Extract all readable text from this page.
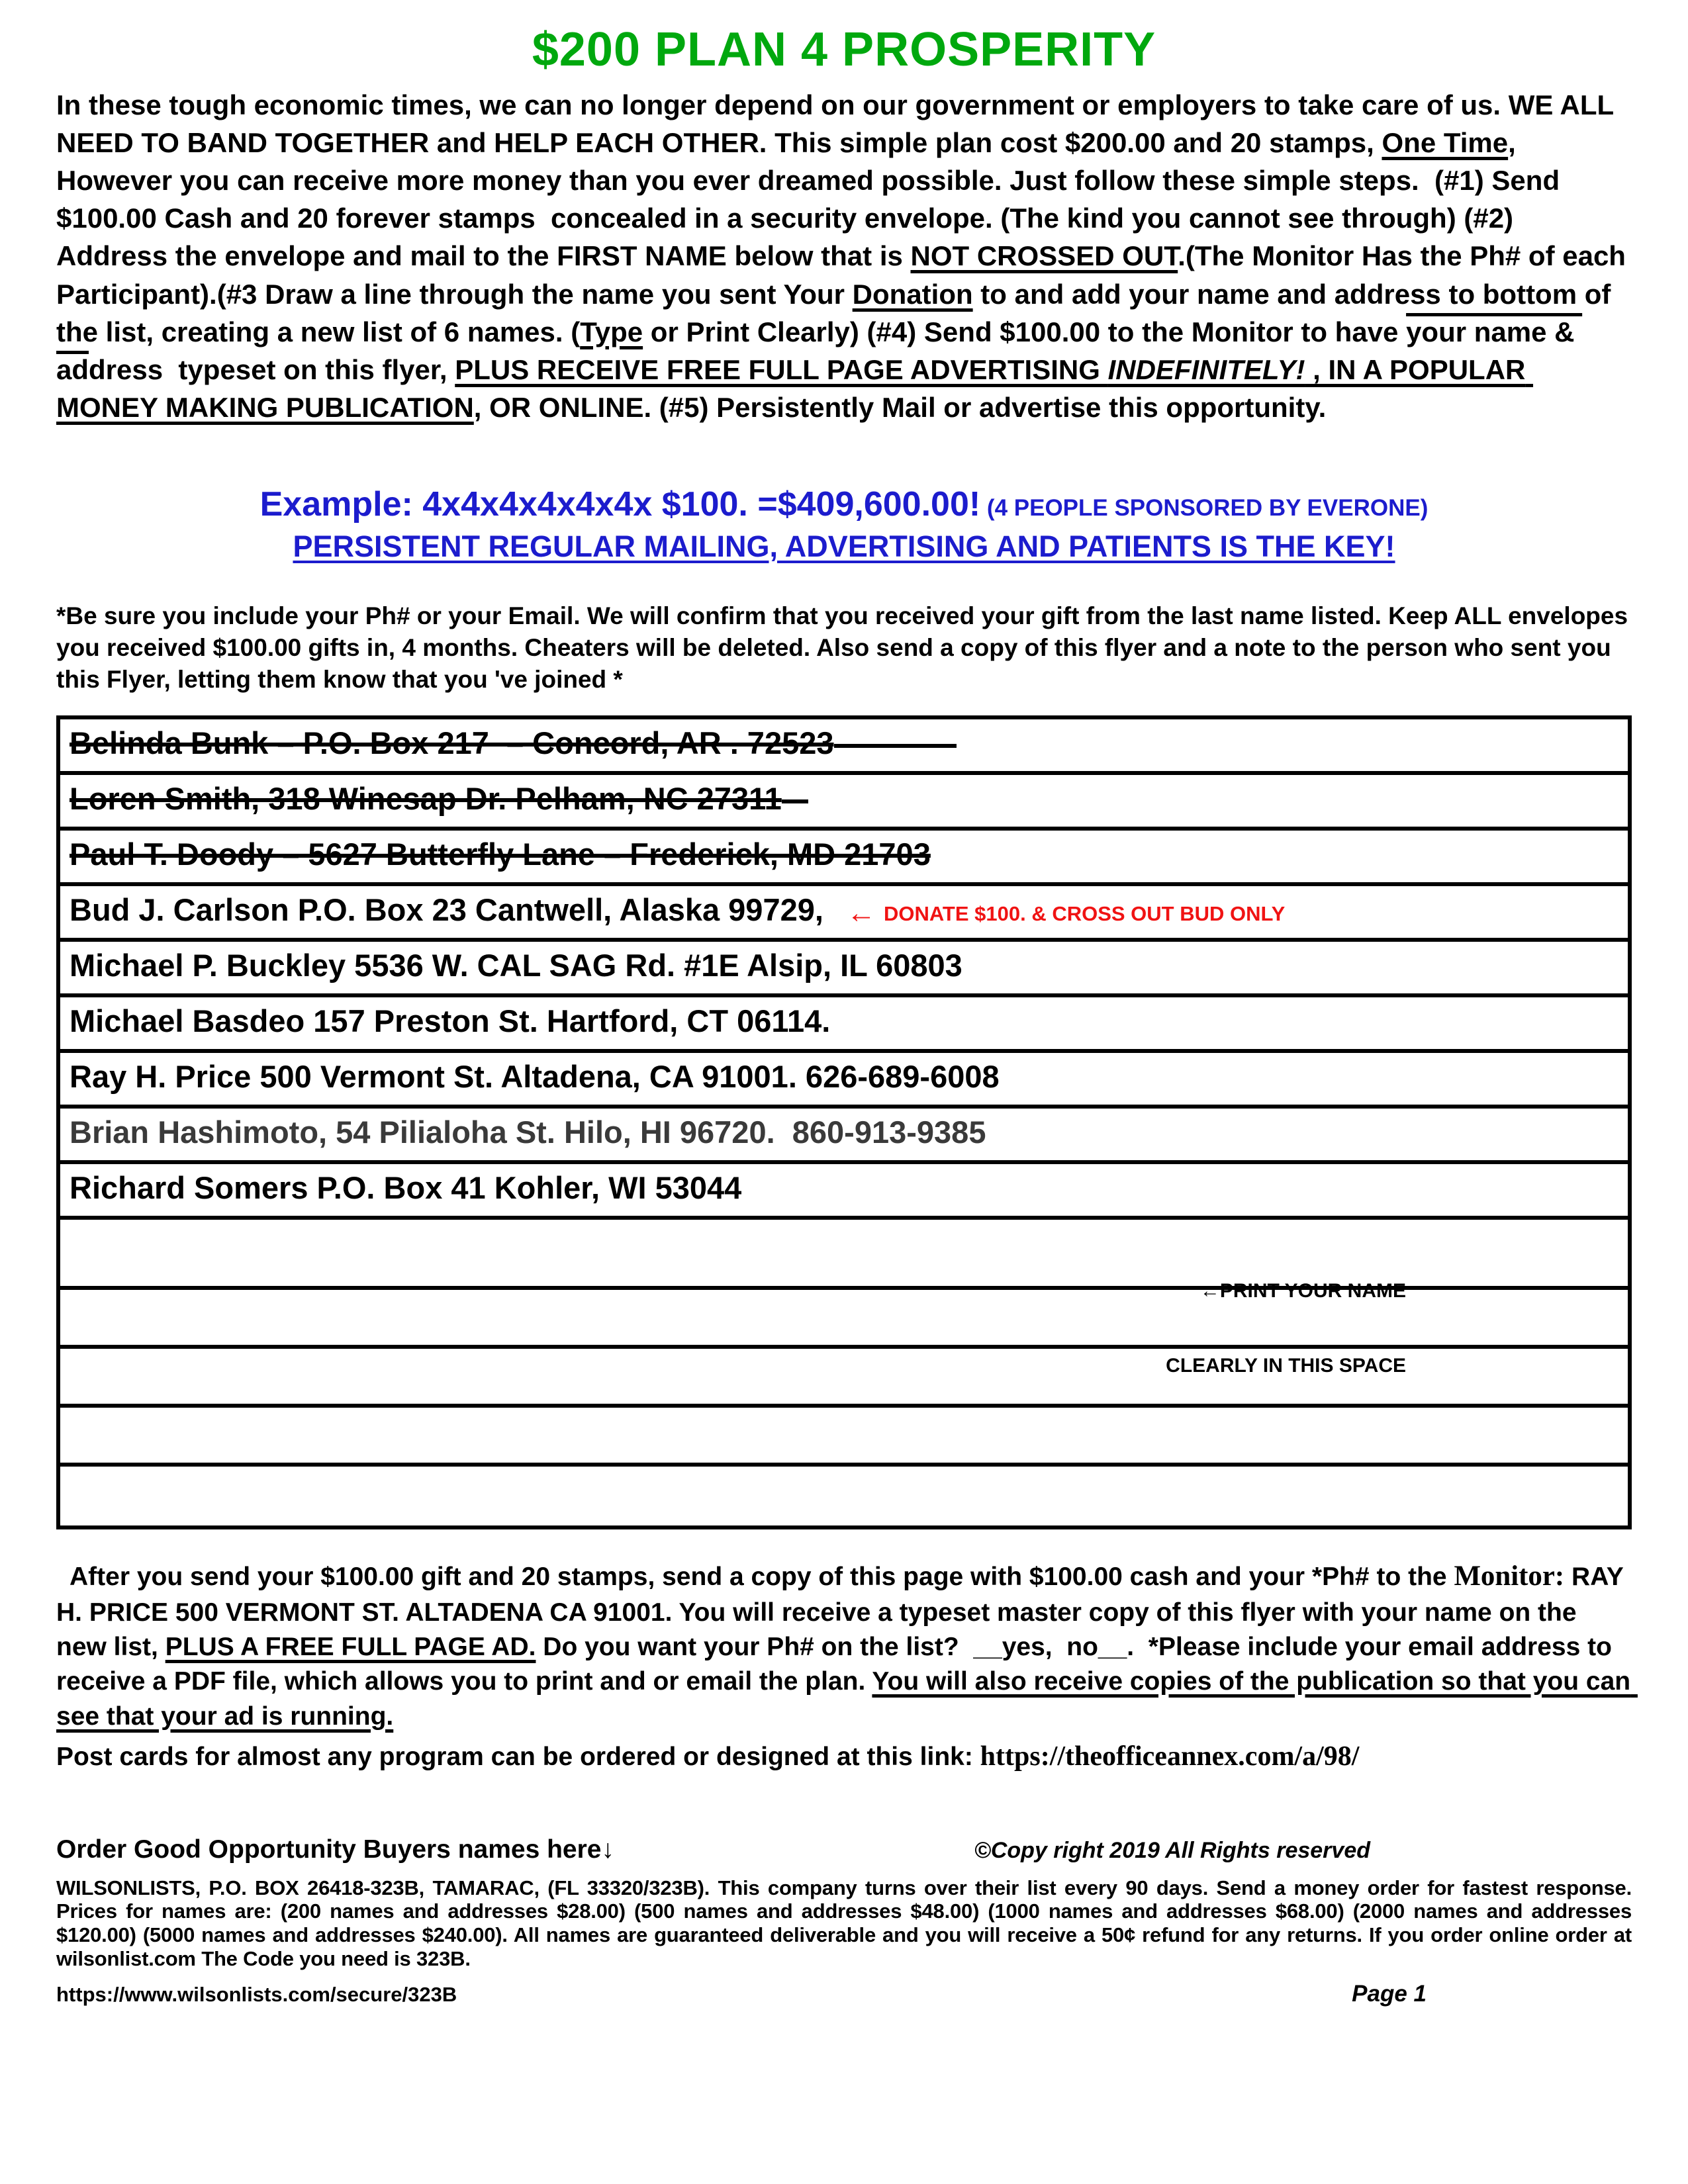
$200 PLAN 4 PROSPERITY

In these tough economic times, we can no longer depend on our government or employers to take care of us. WE ALL NEED TO BAND TOGETHER and HELP EACH OTHER. This simple plan cost $200.00 and 20 stamps, One Time, However you can receive more money than you ever dreamed possible. Just follow these simple steps.  (#1) Send $100.00 Cash and 20 forever stamps  concealed in a security envelope. (The kind you cannot see through) (#2)  Address the envelope and mail to the FIRST NAME below that is NOT CROSSED OUT.(The Monitor Has the Ph# of each Participant).(#3 Draw a line through the name you sent Your Donation to and add your name and address to bottom of the list, creating a new list of 6 names. (Type or Print Clearly) (#4) Send $100.00 to the Monitor to have your name & address  typeset on this flyer, PLUS RECEIVE FREE FULL PAGE ADVERTISING INDEFINITELY! , IN A POPULAR MONEY MAKING PUBLICATION, OR ONLINE. (#5) Persistently Mail or advertise this opportunity.

Example: 4x4x4x4x4x4x $100. =$409,600.00! (4 PEOPLE SPONSORED BY EVERONE)
PERSISTENT REGULAR MAILING, ADVERTISING AND PATIENTS IS THE KEY!

*Be sure you include your Ph# or your Email. We will confirm that you received your gift from the last name listed. Keep ALL envelopes you received $100.00 gifts in, 4 months. Cheaters will be deleted. Also send a copy of this flyer and a note to the person who sent you this Flyer, letting them know that you 've joined *

Belinda Bunk – P.O. Box 217  – Concord, AR . 72523
Loren Smith, 318 Winesap Dr. Pelham, NC 27311
Paul T. Doody – 5627 Butterfly Lane – Frederick, MD 21703
Bud J. Carlson P.O. Box 23 Cantwell, Alaska 99729, ← DONATE $100. & CROSS OUT BUD ONLY
Michael P. Buckley 5536 W. CAL SAG Rd. #1E Alsip, IL 60803
Michael Basdeo 157 Preston St. Hartford, CT 06114.
Ray H. Price 500 Vermont St. Altadena, CA 91001. 626-689-6008
Brian Hashimoto, 54 Pilialoha St. Hilo, HI 96720.  860-913-9385
Richard Somers P.O. Box 41 Kohler, WI 53044

←PRINT YOUR NAME

CLEARLY IN THIS SPACE

After you send your $100.00 gift and 20 stamps, send a copy of this page with $100.00 cash and your *Ph# to the Monitor: RAY H. PRICE 500 VERMONT ST. ALTADENA CA 91001. You will receive a typeset master copy of this flyer with your name on the new list, PLUS A FREE FULL PAGE AD. Do you want your Ph# on the list?  __yes,  no__.  *Please include your email address to receive a PDF file, which allows you to print and or email the plan. You will also receive copies of the publication so that you can see that your ad is running.

Post cards for almost any program can be ordered or designed at this link: https://theofficeannex.com/a/98/

Order Good Opportunity Buyers names here↓	©Copy right 2019 All Rights reserved

WILSONLISTS, P.O. BOX 26418-323B, TAMARAC, (FL 33320/323B). This company turns over their list every 90 days. Send a money order for fastest response. Prices for names are: (200 names and addresses $28.00) (500 names and addresses $48.00) (1000 names and addresses $68.00) (2000 names and addresses $120.00) (5000 names and addresses $240.00). All names are guaranteed deliverable and you will receive a 50¢ refund for any returns. If you order online order at wilsonlist.com The Code you need is 323B.

https://www.wilsonlists.com/secure/323B	Page 1
